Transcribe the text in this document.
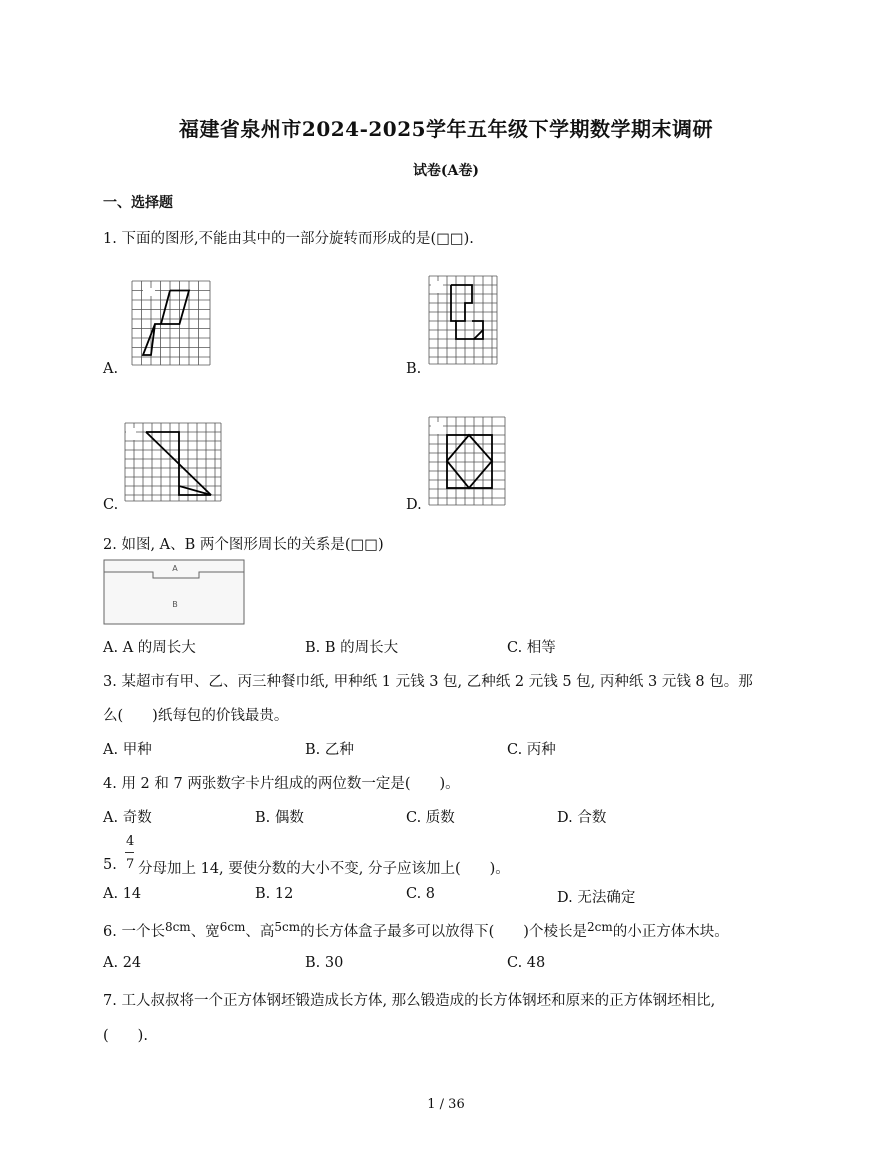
福建省泉州市2024-2025学年五年级下学期数学期末调研
试卷(A卷)
一、选择题
1. 下面的图形,不能由其中的一部分旋转而形成的是(□□).
A.	B.
C.	D.
2. 如图, A、B 两个图形周长的关系是(□□)
A
B
A. A 的周长大	B. B 的周长大	C. 相等
3. 某超市有甲、乙、丙三种餐巾纸, 甲种纸 1 元钱 3 包, 乙种纸 2 元钱 5 包, 丙种纸 3 元钱 8 包。那
么(　　)纸每包的价钱最贵。
A. 甲种	B. 乙种	C. 丙种
4. 用 2 和 7 两张数字卡片组成的两位数一定是(　　)。
A. 奇数	B. 偶数	C. 质数	D. 合数
4
5. 7 分母加上 14, 要使分数的大小不变, 分子应该加上(　　)。
A. 14	B. 12	C. 8	D. 无法确定
6. 一个长$^{8cm}$、宽$^{6cm}$、高$^{5cm}$的长方体盒子最多可以放得下(　　)个棱长是$^{2cm}$的小正方体木块。
A. 24	B. 30	C. 48
7. 工人叔叔将一个正方体钢坯锻造成长方体, 那么锻造成的长方体钢坯和原来的正方体钢坯相比,
(　　).
1 / 36
